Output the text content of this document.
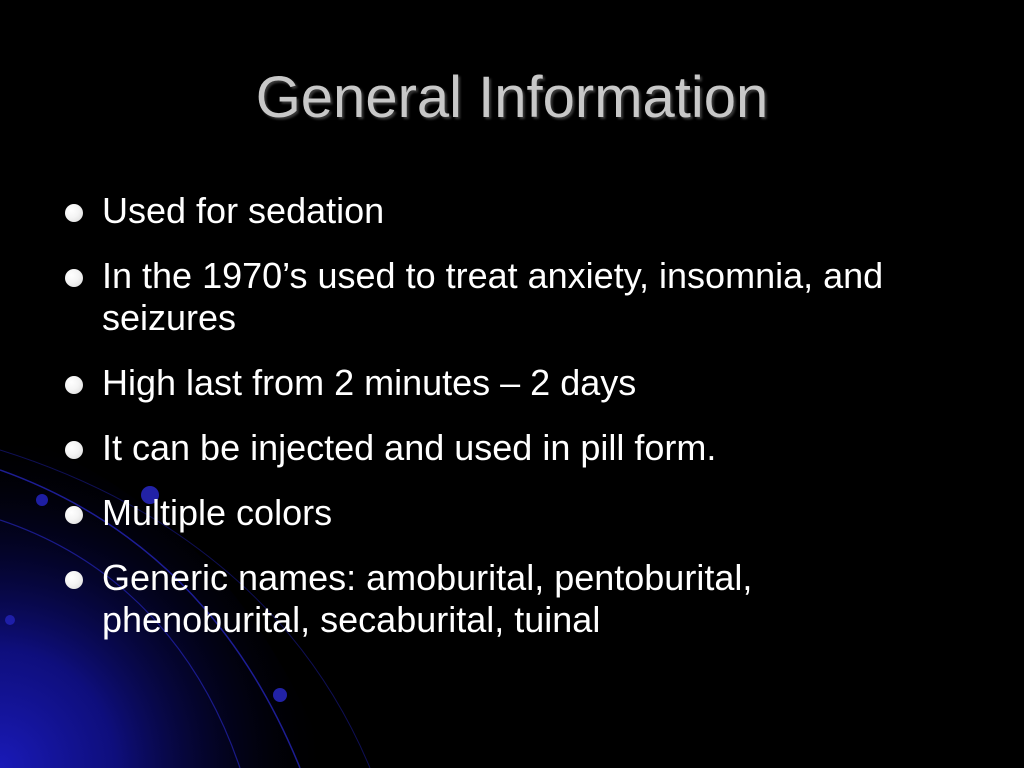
General Information
Used for sedation
In the 1970’s used to treat anxiety, insomnia, and seizures
High last from 2 minutes – 2 days
It can be injected and used in pill form.
Multiple colors
Generic names: amoburital, pentoburital, phenoburital, secaburital, tuinal
